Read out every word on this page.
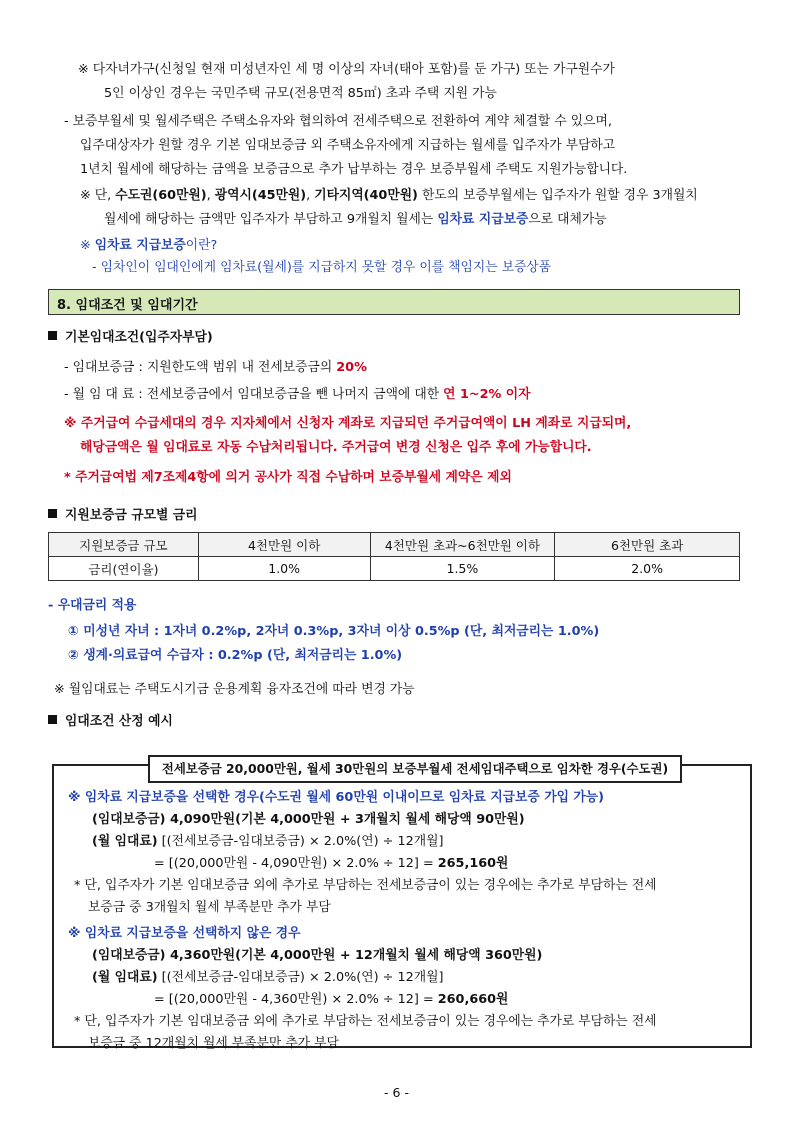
※ 다자녀가구(신청일 현재 미성년자인 세 명 이상의 자녀(태아 포함)를 둔 가구) 또는 가구원수가
5인 이상인 경우는 국민주택 규모(전용면적 85㎡) 초과 주택 지원 가능
- 보증부월세 및 월세주택은 주택소유자와 협의하여 전세주택으로 전환하여 계약 체결할 수 있으며,
입주대상자가 원할 경우 기본 임대보증금 외 주택소유자에게 지급하는 월세를 입주자가 부담하고
1년치 월세에 해당하는 금액을 보증금으로 추가 납부하는 경우 보증부월세 주택도 지원가능합니다.
※ 단, 수도권(60만원), 광역시(45만원), 기타지역(40만원) 한도의 보증부월세는 입주자가 원할 경우 3개월치
월세에 해당하는 금액만 입주자가 부담하고 9개월치 월세는 임차료 지급보증으로 대체가능
※ 임차료 지급보증이란?
- 임차인이 임대인에게 임차료(월세)를 지급하지 못할 경우 이를 책임지는 보증상품
8. 임대조건 및 임대기간
기본임대조건(입주자부담)
- 임대보증금 : 지원한도액 범위 내 전세보증금의 20%
- 월 임 대 료 : 전세보증금에서 임대보증금을 뺀 나머지 금액에 대한 연 1~2% 이자
※ 주거급여 수급세대의 경우 지자체에서 신청자 계좌로 지급되던 주거급여액이 LH 계좌로 지급되며,
해당금액은 월 임대료로 자동 수납처리됩니다. 주거급여 변경 신청은 입주 후에 가능합니다.
* 주거급여법 제7조제4항에 의거 공사가 직접 수납하며 보증부월세 계약은 제외
지원보증금 규모별 금리
지원보증금 규모	4천만원 이하	4천만원 초과~6천만원 이하	6천만원 초과
금리(연이율)	1.0%	1.5%	2.0%
- 우대금리 적용
① 미성년 자녀 : 1자녀 0.2%p, 2자녀 0.3%p, 3자녀 이상 0.5%p (단, 최저금리는 1.0%)
② 생계·의료급여 수급자 : 0.2%p (단, 최저금리는 1.0%)
※ 월임대료는 주택도시기금 운용계획 융자조건에 따라 변경 가능
임대조건 산정 예시
전세보증금 20,000만원, 월세 30만원의 보증부월세 전세임대주택으로 임차한 경우(수도권)
※ 임차료 지급보증을 선택한 경우(수도권 월세 60만원 이내이므로 임차료 지급보증 가입 가능)
(임대보증금) 4,090만원(기본 4,000만원 + 3개월치 월세 해당액 90만원)
(월 임대료) [(전세보증금-임대보증금) × 2.0%(연) ÷ 12개월]
= [(20,000만원 - 4,090만원) × 2.0% ÷ 12] = 265,160원
* 단, 입주자가 기본 임대보증금 외에 추가로 부담하는 전세보증금이 있는 경우에는 추가로 부담하는 전세
보증금 중 3개월치 월세 부족분만 추가 부담
※ 임차료 지급보증을 선택하지 않은 경우
(임대보증금) 4,360만원(기본 4,000만원 + 12개월치 월세 해당액 360만원)
(월 임대료) [(전세보증금-임대보증금) × 2.0%(연) ÷ 12개월]
= [(20,000만원 - 4,360만원) × 2.0% ÷ 12] = 260,660원
* 단, 입주자가 기본 임대보증금 외에 추가로 부담하는 전세보증금이 있는 경우에는 추가로 부담하는 전세
보증금 중 12개월치 월세 부족분만 추가 부담
- 6 -
